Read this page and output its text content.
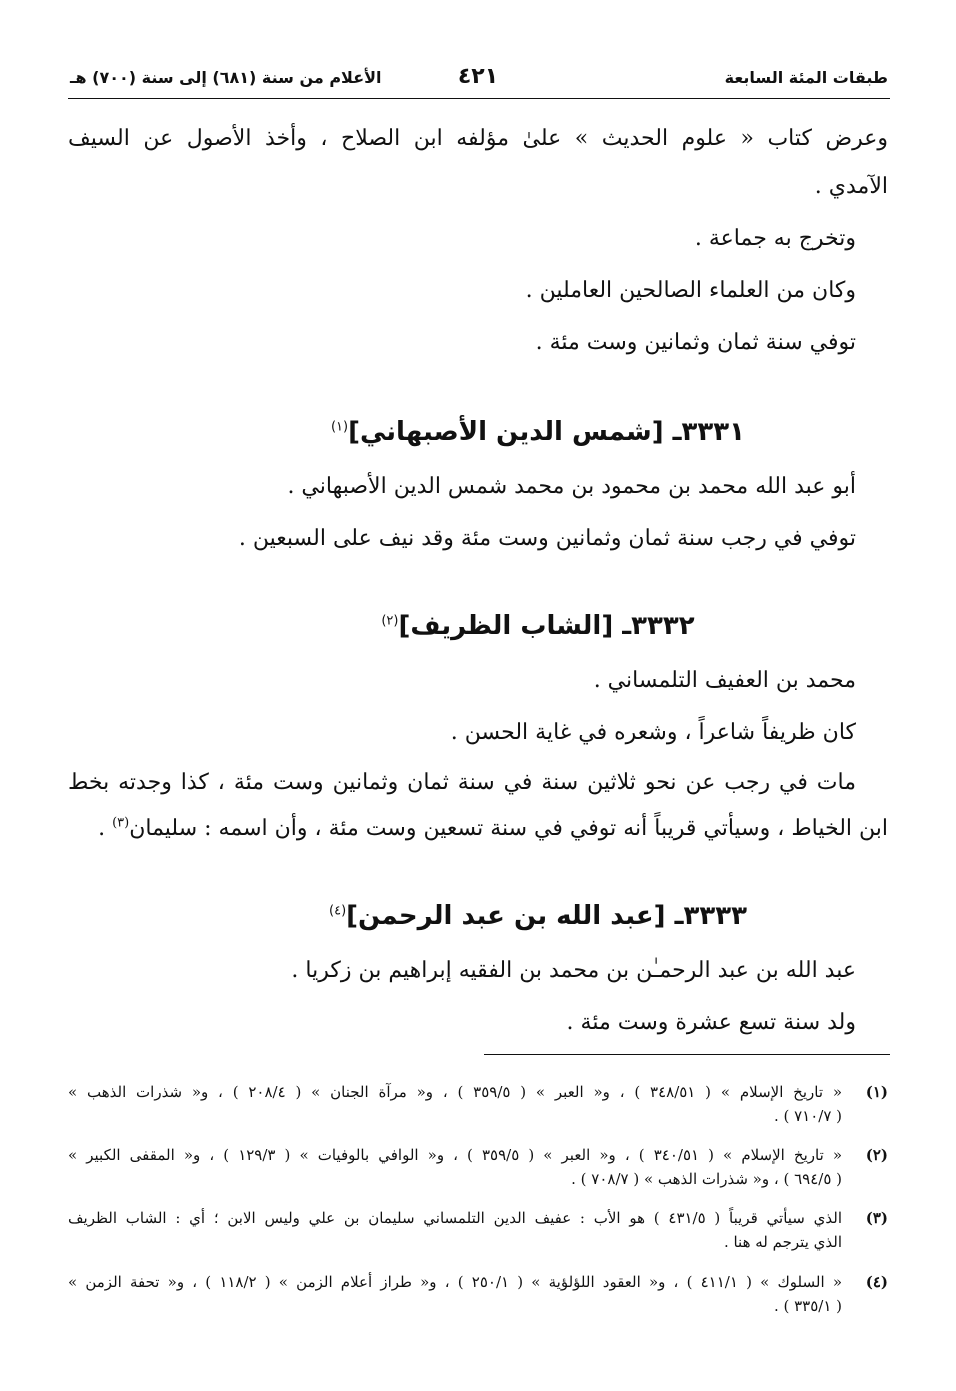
طبقات المئة السابعة
٤٢١
الأعلام من سنة (٦٨١) إلى سنة (٧٠٠) هـ
وعرض كتاب « علوم الحديث » علىٰ مؤلفه ابن الصلاح ، وأخذ الأصول عن السيف
الآمدي .
وتخرج به جماعة .
وكان من العلماء الصالحين العاملين .
توفي سنة ثمان وثمانين وست مئة .
٣٣٣١ـ [شمس الدين الأصبهاني]$^{(١)}$
أبو عبد الله محمد بن محمود بن محمد شمس الدين الأصبهاني .
توفي في رجب سنة ثمان وثمانين وست مئة وقد نيف على السبعين .
٣٣٣٢ـ [الشاب الظريف]$^{(٢)}$
محمد بن العفيف التلمساني .
كان ظريفاً شاعراً ، وشعره في غاية الحسن .
مات في رجب عن نحو ثلاثين سنة في سنة ثمان وثمانين وست مئة ، كذا وجدته بخط
ابن الخياط ، وسيأتي قريباً أنه توفي في سنة تسعين وست مئة ، وأن اسمه : سليمان$^{(٣)}$ .
٣٣٣٣ـ [عبد الله بن عبد الرحمن]$^{(٤)}$
عبد الله بن عبد الرحمـٰن بن محمد بن الفقيه إبراهيم بن زكريا .
ولد سنة تسع عشرة وست مئة .
(١)
« تاريخ الإسلام » ( ٣٤٨/٥١ ) ، و« العبر » ( ٣٥٩/٥ ) ، و« مرآة الجنان » ( ٢٠٨/٤ ) ، و« شذرات الذهب »
( ٧١٠/٧ ) .
(٢)
« تاريخ الإسلام » ( ٣٤٠/٥١ ) ، و« العبر » ( ٣٥٩/٥ ) ، و« الوافي بالوفيات » ( ١٢٩/٣ ) ، و« المقفى الكبير »
( ٦٩٤/٥ ) ، و« شذرات الذهب » ( ٧٠٨/٧ ) .
(٣)
الذي سيأتي قريباً ( ٤٣١/٥ ) هو الأب : عفيف الدين التلمساني سليمان بن علي وليس الابن ؛ أي : الشاب الظريف
الذي يترجم له هنا .
(٤)
« السلوك » ( ٤١١/١ ) ، و« العقود اللؤلؤية » ( ٢٥٠/١ ) ، و« طراز أعلام الزمن » ( ١١٨/٢ ) ، و« تحفة الزمن »
( ٣٣٥/١ ) .
